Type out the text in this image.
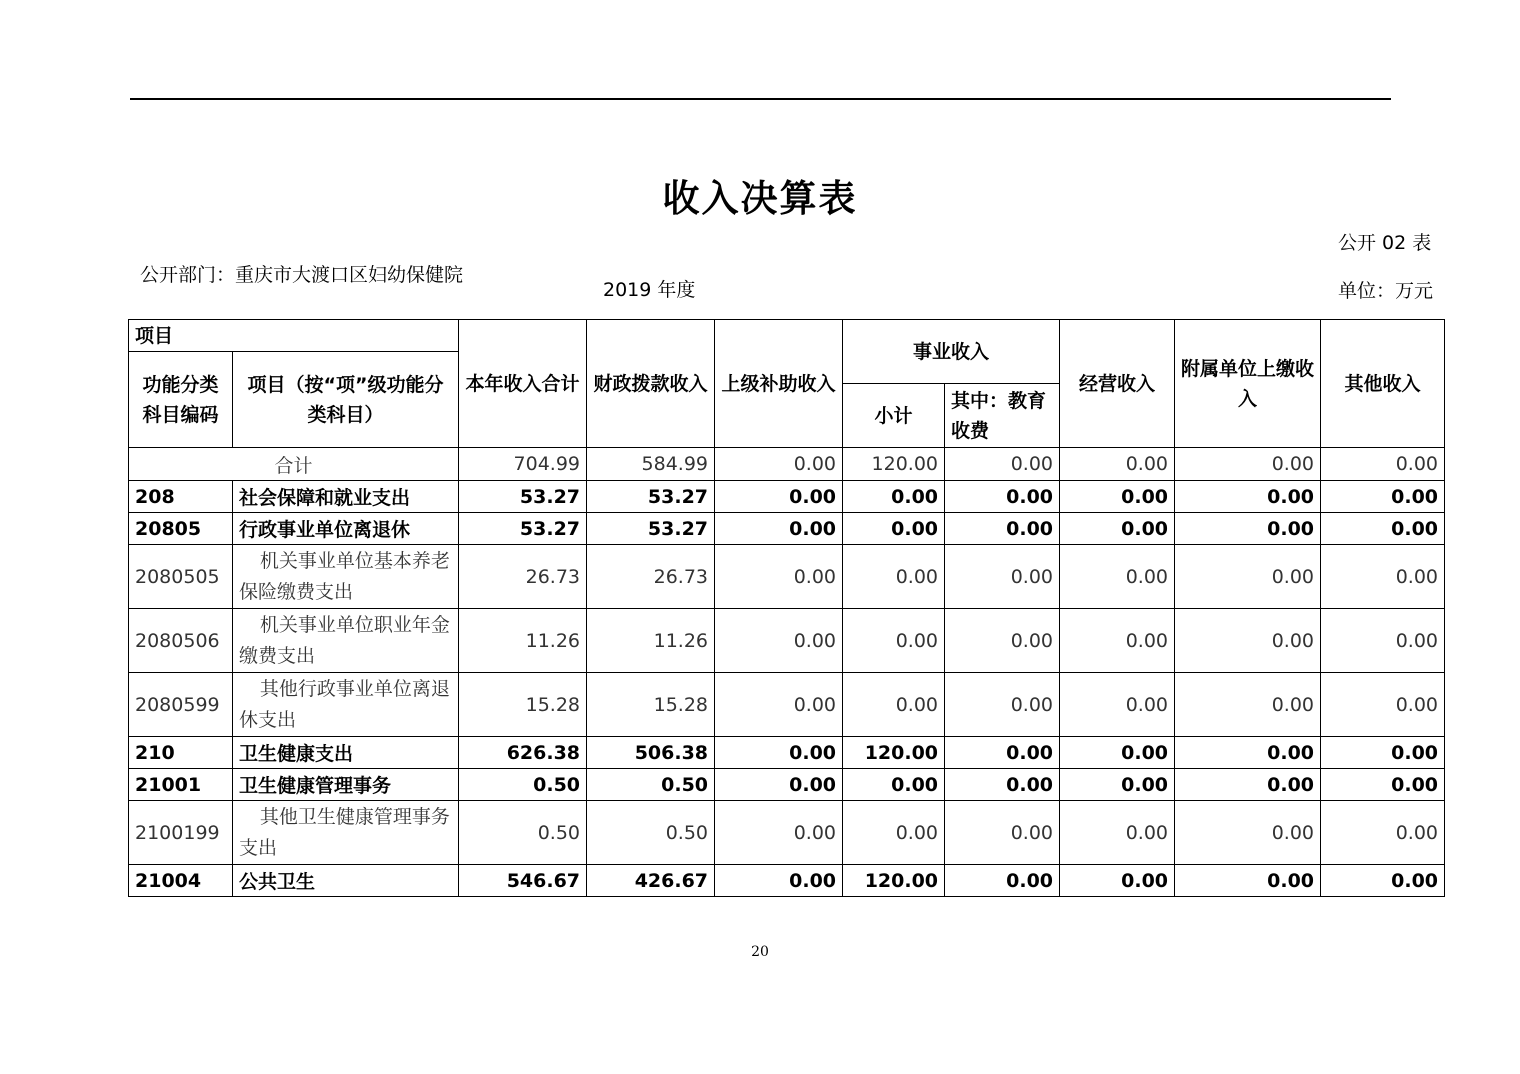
收入决算表
公开 02 表
公开部门：重庆市大渡口区妇幼保健院
2019 年度	单位：万元
项目		本年收入合计	财政拨款收入	上级补助收入	事业收入		经营收入	附属单位上缴收入	其他收入
功能分类科目编码	项目（按“项”级功能分类科目）								
					小计	其中：教育收费			
合计		704.99	584.99	0.00	120.00	0.00	0.00	0.00	0.00
208	社会保障和就业支出	53.27	53.27	0.00	0.00	0.00	0.00	0.00	0.00
20805	行政事业单位离退休	53.27	53.27	0.00	0.00	0.00	0.00	0.00	0.00
2080505	机关事业单位基本养老保险缴费支出	26.73	26.73	0.00	0.00	0.00	0.00	0.00	0.00
2080506	机关事业单位职业年金缴费支出	11.26	11.26	0.00	0.00	0.00	0.00	0.00	0.00
2080599	其他行政事业单位离退休支出	15.28	15.28	0.00	0.00	0.00	0.00	0.00	0.00
210	卫生健康支出	626.38	506.38	0.00	120.00	0.00	0.00	0.00	0.00
21001	卫生健康管理事务	0.50	0.50	0.00	0.00	0.00	0.00	0.00	0.00
2100199	其他卫生健康管理事务支出	0.50	0.50	0.00	0.00	0.00	0.00	0.00	0.00
21004	公共卫生	546.67	426.67	0.00	120.00	0.00	0.00	0.00	0.00
20
